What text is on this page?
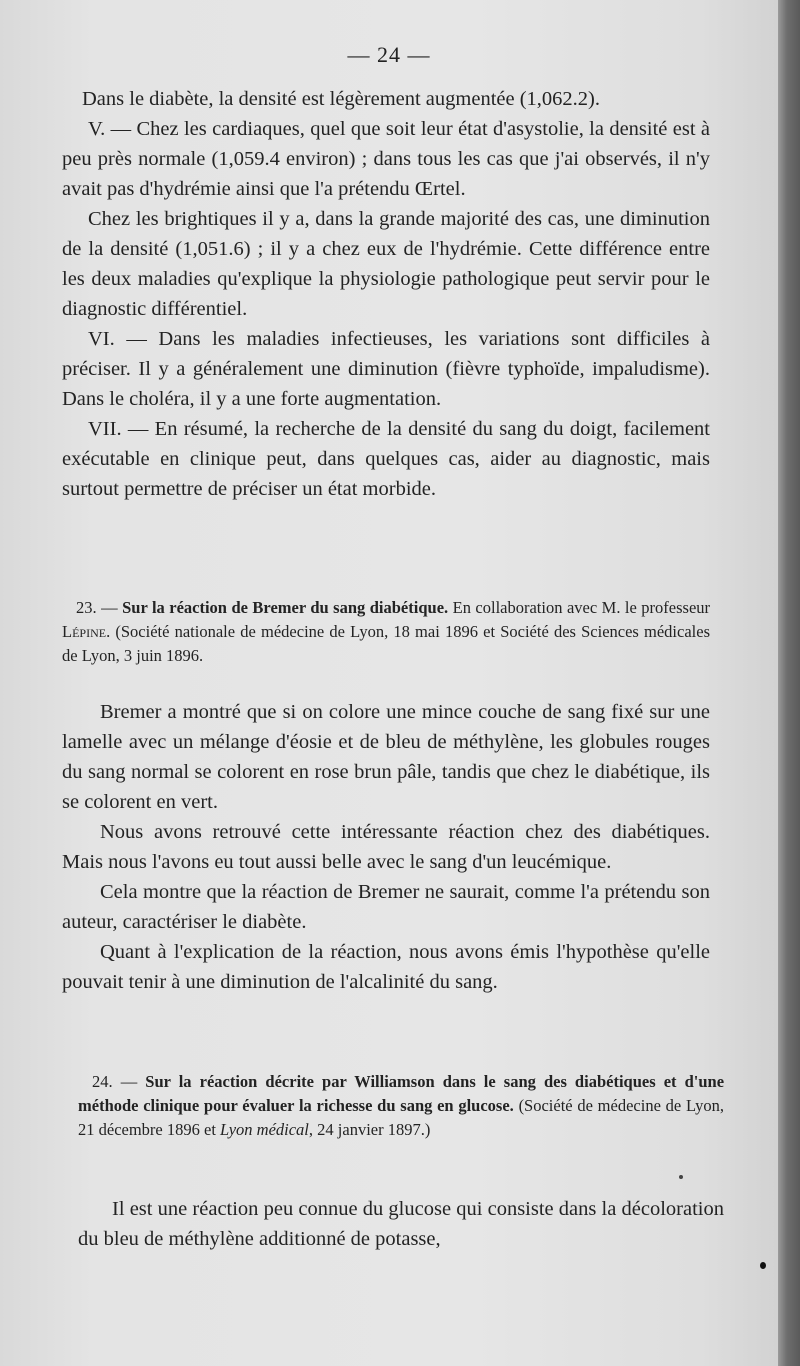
— 24 —

Dans le diabète, la densité est légèrement augmentée (1,062.2).

V. — Chez les cardiaques, quel que soit leur état d'asystolie, la densité est à peu près normale (1,059.4 environ) ; dans tous les cas que j'ai observés, il n'y avait pas d'hydrémie ainsi que l'a prétendu Œrtel.

Chez les brightiques il y a, dans la grande majorité des cas, une diminution de la densité (1,051.6) ; il y a chez eux de l'hydrémie. Cette différence entre les deux maladies qu'explique la physiologie pathologique peut servir pour le diagnostic différentiel.

VI. — Dans les maladies infectieuses, les variations sont difficiles à préciser. Il y a généralement une diminution (fièvre typhoïde, impaludisme). Dans le choléra, il y a une forte augmentation.

VII. — En résumé, la recherche de la densité du sang du doigt, facilement exécutable en clinique peut, dans quelques cas, aider au diagnostic, mais surtout permettre de préciser un état morbide.

23. — Sur la réaction de Bremer du sang diabétique. En collaboration avec M. le professeur Lépine. (Société nationale de médecine de Lyon, 18 mai 1896 et Société des Sciences médicales de Lyon, 3 juin 1896.

Bremer a montré que si on colore une mince couche de sang fixé sur une lamelle avec un mélange d'éosie et de bleu de méthylène, les globules rouges du sang normal se colorent en rose brun pâle, tandis que chez le diabétique, ils se colorent en vert.

Nous avons retrouvé cette intéressante réaction chez des diabétiques. Mais nous l'avons eu tout aussi belle avec le sang d'un leucémique.

Cela montre que la réaction de Bremer ne saurait, comme l'a prétendu son auteur, caractériser le diabète.

Quant à l'explication de la réaction, nous avons émis l'hypothèse qu'elle pouvait tenir à une diminution de l'alcalinité du sang.

24. — Sur la réaction décrite par Williamson dans le sang des diabétiques et d'une méthode clinique pour évaluer la richesse du sang en glucose. (Société de médecine de Lyon, 21 décembre 1896 et Lyon médical, 24 janvier 1897.)

Il est une réaction peu connue du glucose qui consiste dans la décoloration du bleu de méthylène additionné de potasse,
